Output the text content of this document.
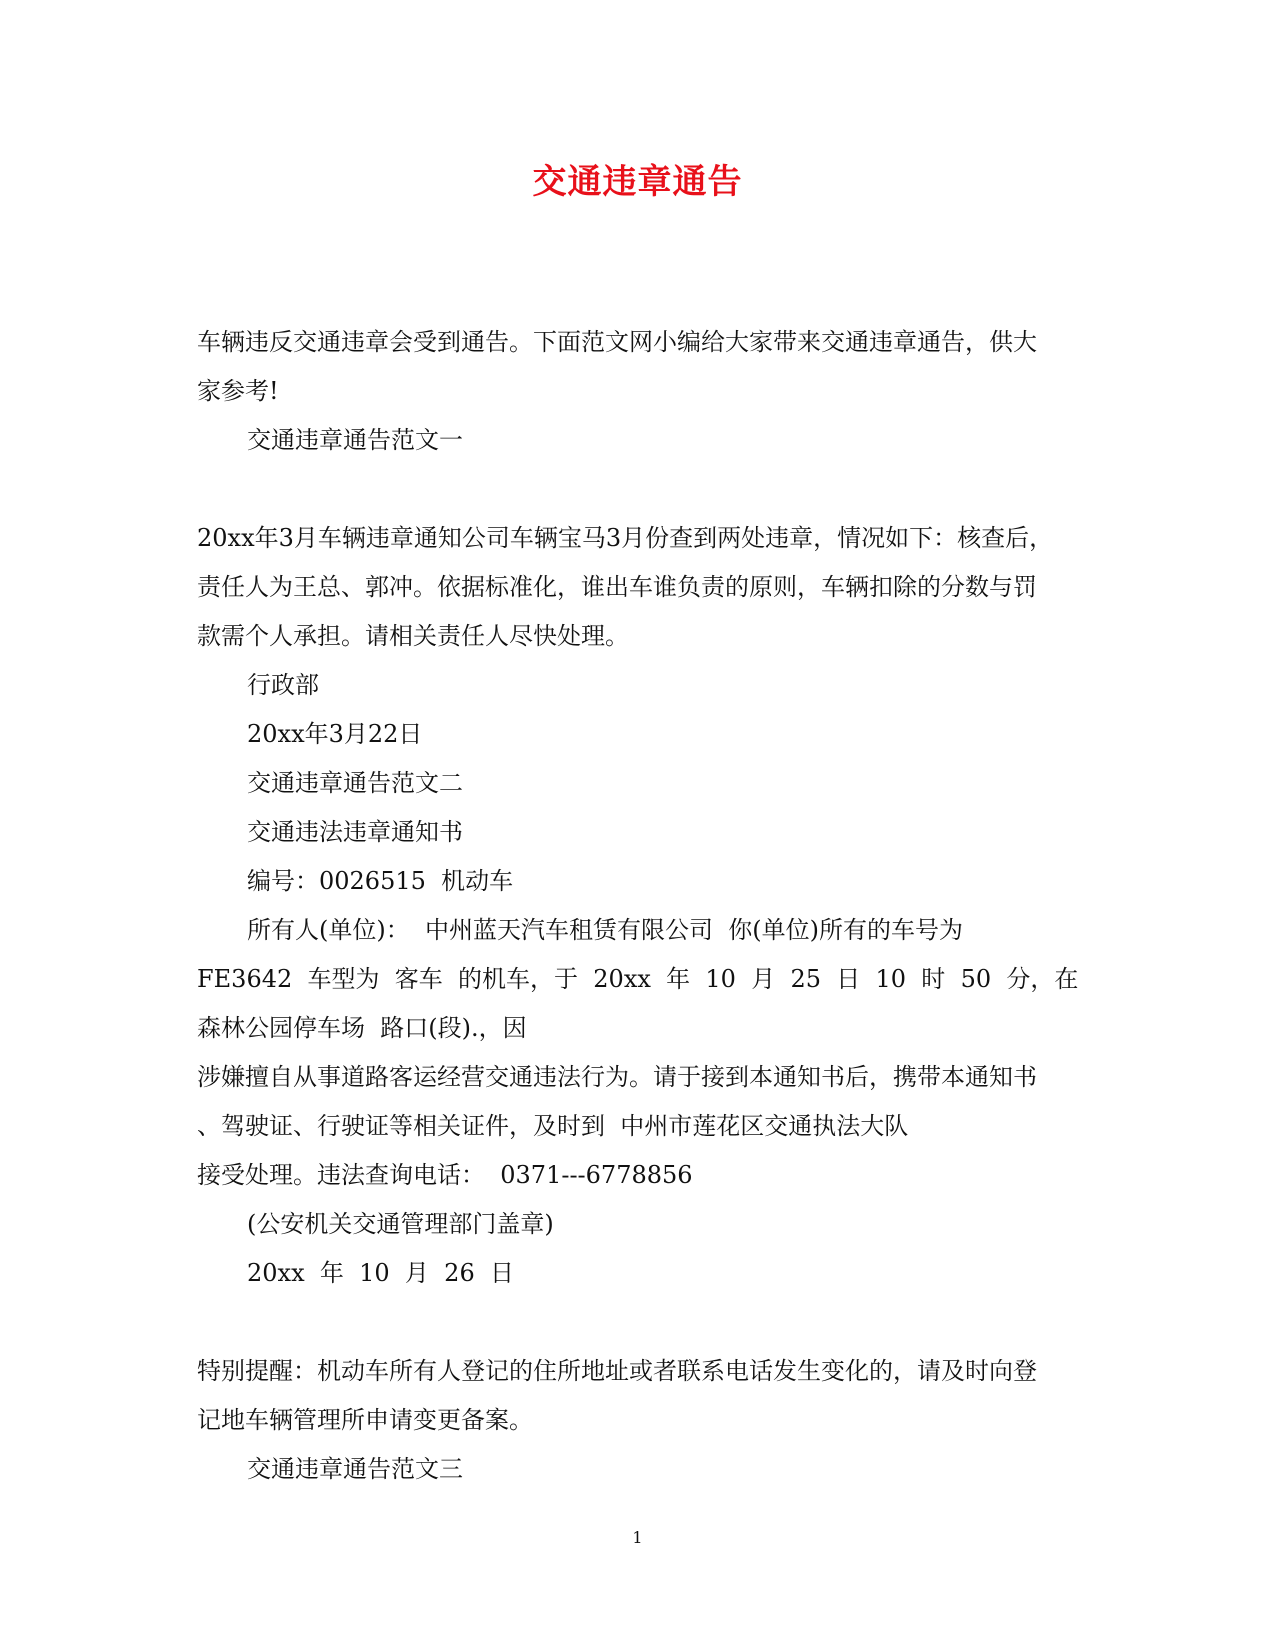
交通违章通告

车辆违反交通违章会受到通告。下面范文网小编给大家带来交通违章通告，供大

家参考!

交通违章通告范文一

20xx年3月车辆违章通知公司车辆宝马3月份查到两处违章，情况如下：核查后，

责任人为王总、郭冲。依据标准化，谁出车谁负责的原则，车辆扣除的分数与罚

款需个人承担。请相关责任人尽快处理。

行政部

20xx年3月22日

交通违章通告范文二

交通违法违章通知书

编号：0026515  机动车

所有人(单位)：  中州蓝天汽车租赁有限公司  你(单位)所有的车号为

FE3642  车型为  客车  的机车，于  20xx  年  10  月  25  日  10  时  50  分，在

森林公园停车场  路口(段).，因

涉嫌擅自从事道路客运经营交通违法行为。请于接到本通知书后，携带本通知书

、驾驶证、行驶证等相关证件，及时到  中州市莲花区交通执法大队

接受处理。违法查询电话：  0371---6778856

(公安机关交通管理部门盖章)

20xx  年  10  月  26  日

特别提醒：机动车所有人登记的住所地址或者联系电话发生变化的，请及时向登

记地车辆管理所申请变更备案。

交通违章通告范文三

1
